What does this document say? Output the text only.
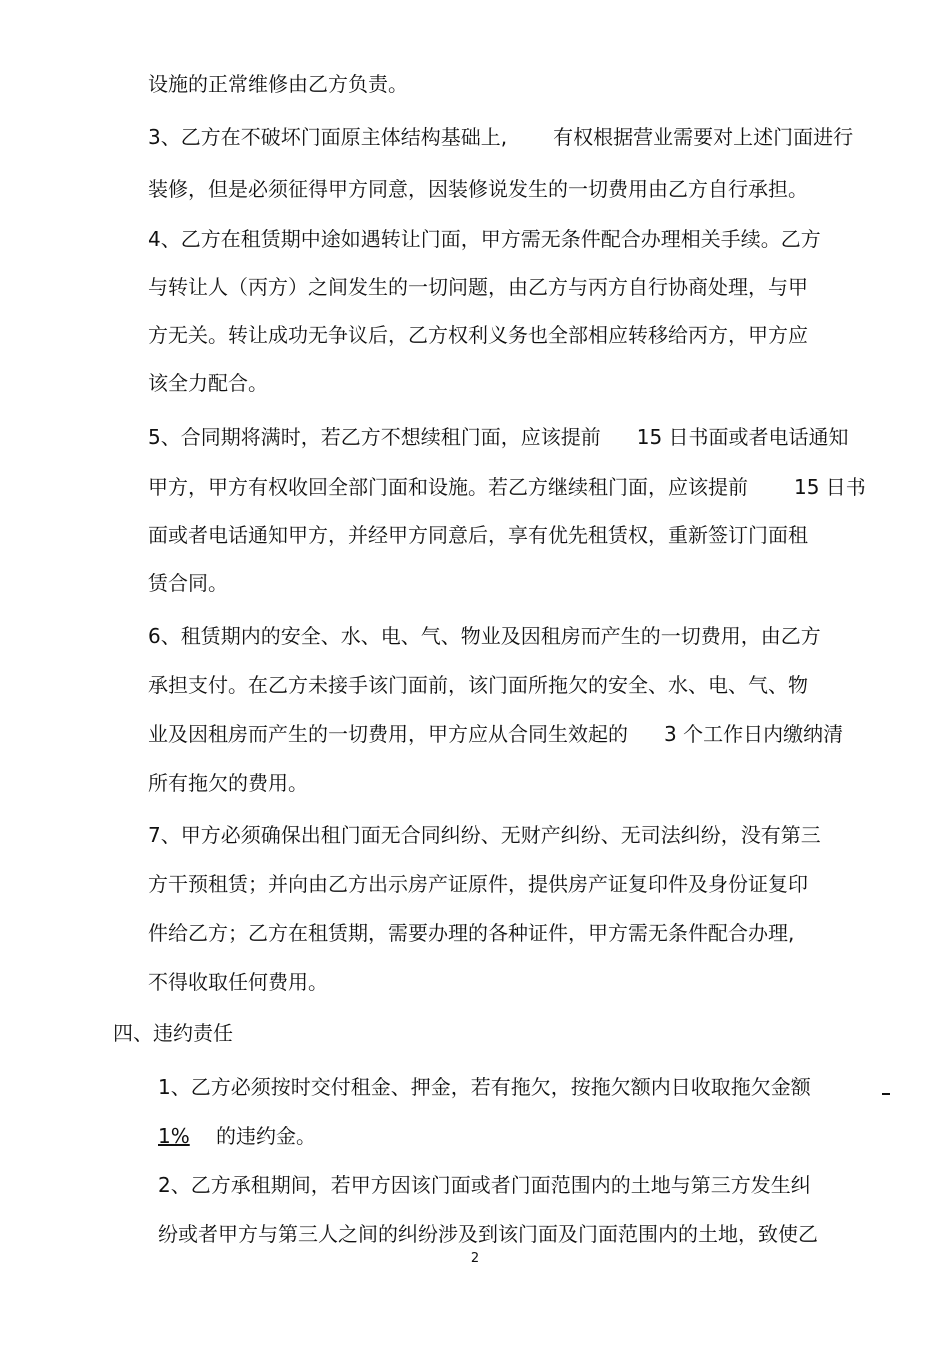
设施的正常维修由乙方负责。
3、乙方在不破坏门面原主体结构基础上, 有权根据营业需要对上述门面进行
装修，但是必须征得甲方同意，因装修说发生的一切费用由乙方自行承担。
4、乙方在租赁期中途如遇转让门面，甲方需无条件配合办理相关手续。乙方
与转让人（丙方）之间发生的一切问题，由乙方与丙方自行协商处理，与甲
方无关。转让成功无争议后，乙方权利义务也全部相应转移给丙方，甲方应
该全力配合。
5、合同期将满时，若乙方不想续租门面，应该提前 15 日书面或者电话通知
甲方，甲方有权收回全部门面和设施。若乙方继续租门面，应该提前 15 日书
面或者电话通知甲方，并经甲方同意后，享有优先租赁权，重新签订门面租
赁合同。
6、租赁期内的安全、水、电、气、物业及因租房而产生的一切费用，由乙方
承担支付。在乙方未接手该门面前，该门面所拖欠的安全、水、电、气、物
业及因租房而产生的一切费用，甲方应从合同生效起的 3 个工作日内缴纳清
所有拖欠的费用。
7、甲方必须确保出租门面无合同纠纷、无财产纠纷、无司法纠纷，没有第三
方干预租赁；并向由乙方出示房产证原件，提供房产证复印件及身份证复印
件给乙方；乙方在租赁期，需要办理的各种证件，甲方需无条件配合办理,
不得收取任何费用。
四、违约责任
1、乙方必须按时交付租金、押金，若有拖欠，按拖欠额内日收取拖欠金额
1% 的违约金。
2、乙方承租期间，若甲方因该门面或者门面范围内的土地与第三方发生纠
纷或者甲方与第三人之间的纠纷涉及到该门面及门面范围内的土地，致使乙
2
